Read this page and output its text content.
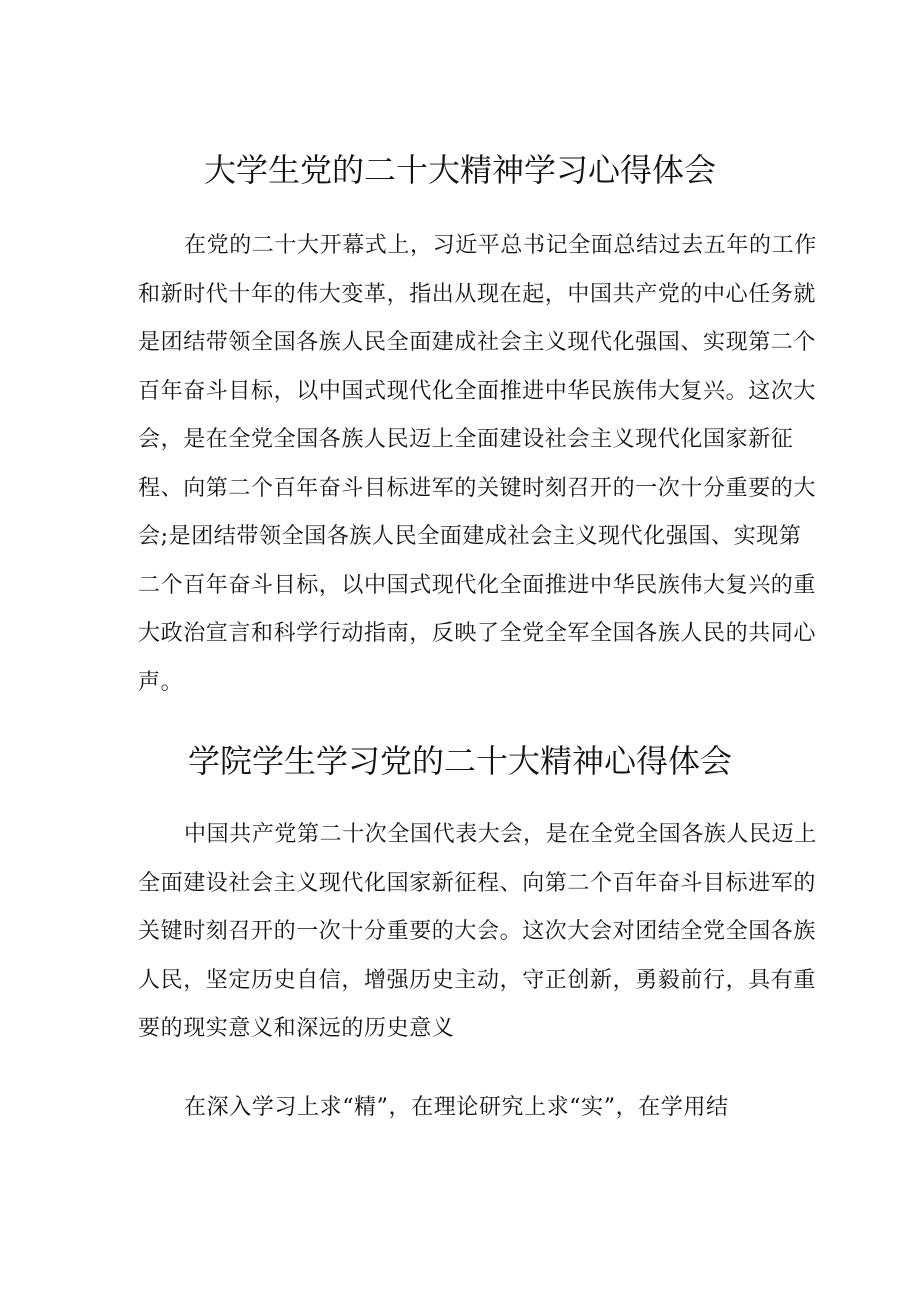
大学生党的二十大精神学习心得体会

在党的二十大开幕式上，习近平总书记全面总结过去五年的工作和新时代十年的伟大变革，指出从现在起，中国共产党的中心任务就是团结带领全国各族人民全面建成社会主义现代化强国、实现第二个百年奋斗目标，以中国式现代化全面推进中华民族伟大复兴。这次大会，是在全党全国各族人民迈上全面建设社会主义现代化国家新征程、向第二个百年奋斗目标进军的关键时刻召开的一次十分重要的大会;是团结带领全国各族人民全面建成社会主义现代化强国、实现第二个百年奋斗目标，以中国式现代化全面推进中华民族伟大复兴的重大政治宣言和科学行动指南，反映了全党全军全国各族人民的共同心声。

学院学生学习党的二十大精神心得体会

中国共产党第二十次全国代表大会，是在全党全国各族人民迈上全面建设社会主义现代化国家新征程、向第二个百年奋斗目标进军的关键时刻召开的一次十分重要的大会。这次大会对团结全党全国各族人民，坚定历史自信，增强历史主动，守正创新，勇毅前行，具有重要的现实意义和深远的历史意义

在深入学习上求“精”，在理论研究上求“实”，在学用结
